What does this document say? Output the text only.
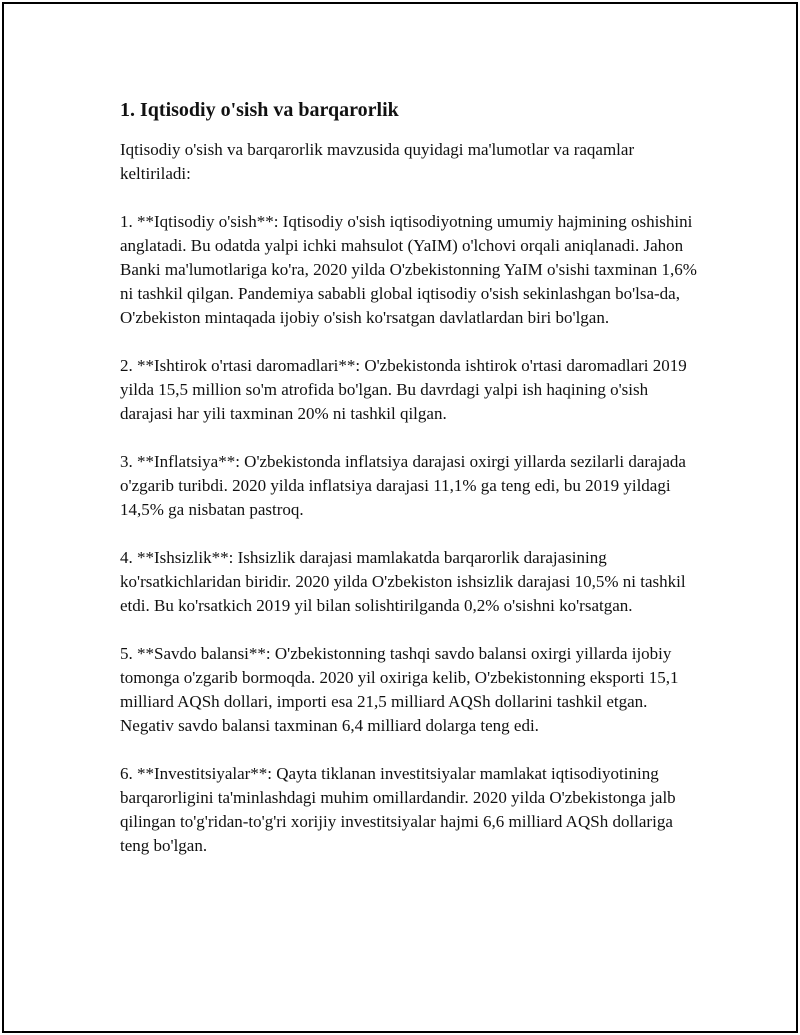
1. Iqtisodiy o'sish va barqarorlik

Iqtisodiy o'sish va barqarorlik mavzusida quyidagi ma'lumotlar va raqamlar keltiriladi:

1. **Iqtisodiy o'sish**: Iqtisodiy o'sish iqtisodiyotning umumiy hajmining oshishini anglatadi. Bu odatda yalpi ichki mahsulot (YaIM) o'lchovi orqali aniqlanadi. Jahon Banki ma'lumotlariga ko'ra, 2020 yilda O'zbekistonning YaIM o'sishi taxminan 1,6% ni tashkil qilgan. Pandemiya sababli global iqtisodiy o'sish sekinlashgan bo'lsa-da, O'zbekiston mintaqada ijobiy o'sish ko'rsatgan davlatlardan biri bo'lgan.

2. **Ishtirok o'rtasi daromadlari**: O'zbekistonda ishtirok o'rtasi daromadlari 2019 yilda 15,5 million so'm atrofida bo'lgan. Bu davrdagi yalpi ish haqining o'sish darajasi har yili taxminan 20% ni tashkil qilgan.

3. **Inflatsiya**: O'zbekistonda inflatsiya darajasi oxirgi yillarda sezilarli darajada o'zgarib turibdi. 2020 yilda inflatsiya darajasi 11,1% ga teng edi, bu 2019 yildagi 14,5% ga nisbatan pastroq.

4. **Ishsizlik**: Ishsizlik darajasi mamlakatda barqarorlik darajasining ko'rsatkichlaridan biridir. 2020 yilda O'zbekiston ishsizlik darajasi 10,5% ni tashkil etdi. Bu ko'rsatkich 2019 yil bilan solishtirilganda 0,2% o'sishni ko'rsatgan.

5. **Savdo balansi**: O'zbekistonning tashqi savdo balansi oxirgi yillarda ijobiy tomonga o'zgarib bormoqda. 2020 yil oxiriga kelib, O'zbekistonning eksporti 15,1 milliard AQSh dollari, importi esa 21,5 milliard AQSh dollarini tashkil etgan. Negativ savdo balansi taxminan 6,4 milliard dolarga teng edi.

6. **Investitsiyalar**: Qayta tiklanan investitsiyalar mamlakat iqtisodiyotining barqarorligini ta'minlashdagi muhim omillardandir. 2020 yilda O'zbekistonga jalb qilingan to'g'ridan-to'g'ri xorijiy investitsiyalar hajmi 6,6 milliard AQSh dollariga teng bo'lgan.
